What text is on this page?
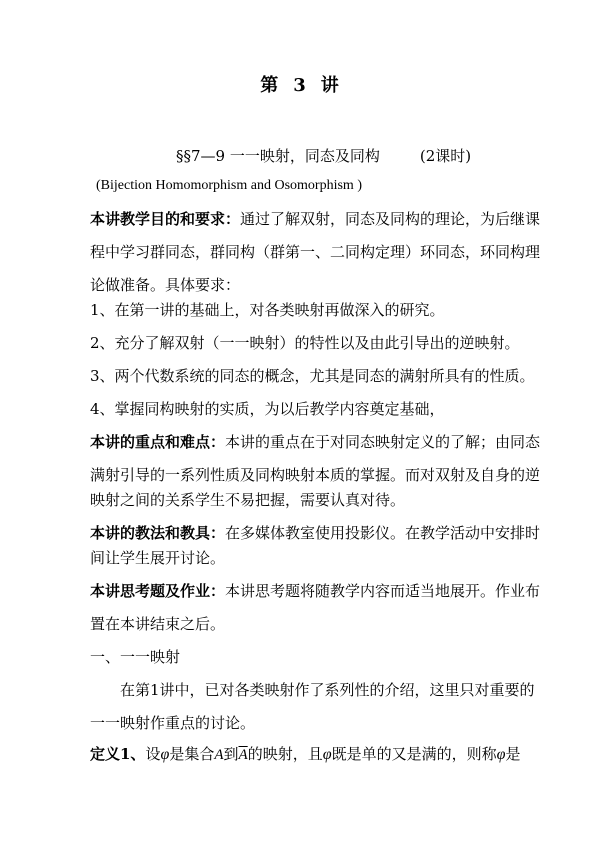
第 3 讲
§§7—9 一一映射，同态及同构	(2课时)
(Bijection Homomorphism and Osomorphism )
本讲教学目的和要求：通过了解双射，同态及同构的理论，为后继课
程中学习群同态，群同构（群第一、二同构定理）环同态，环同构理
论做准备。具体要求：
1、在第一讲的基础上，对各类映射再做深入的研究。
2、充分了解双射（一一映射）的特性以及由此引导出的逆映射。
3、两个代数系统的同态的概念，尤其是同态的满射所具有的性质。
4、掌握同构映射的实质，为以后教学内容奠定基础，
本讲的重点和难点：本讲的重点在于对同态映射定义的了解；由同态
满射引导的一系列性质及同构映射本质的掌握。而对双射及自身的逆
映射之间的关系学生不易把握，需要认真对待。
本讲的教法和教具：在多媒体教室使用投影仪。在教学活动中安排时
间让学生展开讨论。
本讲思考题及作业：本讲思考题将随教学内容而适当地展开。作业布
置在本讲结束之后。
一、一一映射
在第1讲中，已对各类映射作了系列性的介绍，这里只对重要的
一一映射作重点的讨论。
定义1、设φ是集合A到$\overline{A}$的映射，且φ既是单的又是满的，则称φ是
